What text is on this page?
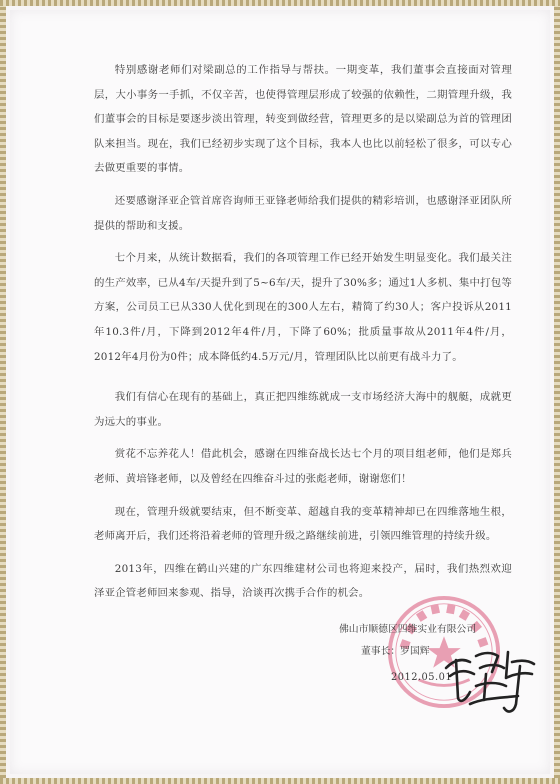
特别感谢老师们对梁副总的工作指导与帮扶。一期变革，我们董事会直接面对管理层，大小事务一手抓，不仅辛苦，也使得管理层形成了较强的依赖性，二期管理升级，我们董事会的目标是要逐步淡出管理，转变到做经营，管理更多的是以梁副总为首的管理团队来担当。现在，我们已经初步实现了这个目标，我本人也比以前轻松了很多，可以专心去做更重要的事情。

还要感谢泽亚企管首席咨询师王亚锋老师给我们提供的精彩培训，也感谢泽亚团队所提供的帮助和支援。

七个月来，从统计数据看，我们的各项管理工作已经开始发生明显变化。我们最关注的生产效率，已从4车/天提升到了5~6车/天，提升了30%多；通过1人多机、集中打包等方案，公司员工已从330人优化到现在的300人左右，精简了约30人；客户投诉从2011年10.3件/月，下降到2012年4件/月，下降了60%；批质量事故从2011年4件/月，2012年4月份为0件；成本降低约4.5万元/月，管理团队比以前更有战斗力了。

我们有信心在现有的基础上，真正把四维练就成一支市场经济大海中的舰艇，成就更为远大的事业。

赏花不忘养花人！借此机会，感谢在四维奋战长达七个月的项目组老师，他们是郑兵老师、黄培锋老师，以及曾经在四维奋斗过的张彪老师，谢谢您们！

现在，管理升级就要结束，但不断变革、超越自我的变革精神却已在四维落地生根，老师离开后，我们还将沿着老师的管理升级之路继续前进，引领四维管理的持续升级。

2013年，四维在鹤山兴建的广东四维建材公司也将迎来投产，届时，我们热烈欢迎泽亚企管老师回来参观、指导，洽谈再次携手合作的机会。

佛山市顺德区四维实业有限公司
董事长：罗国辉
2012.05.01
